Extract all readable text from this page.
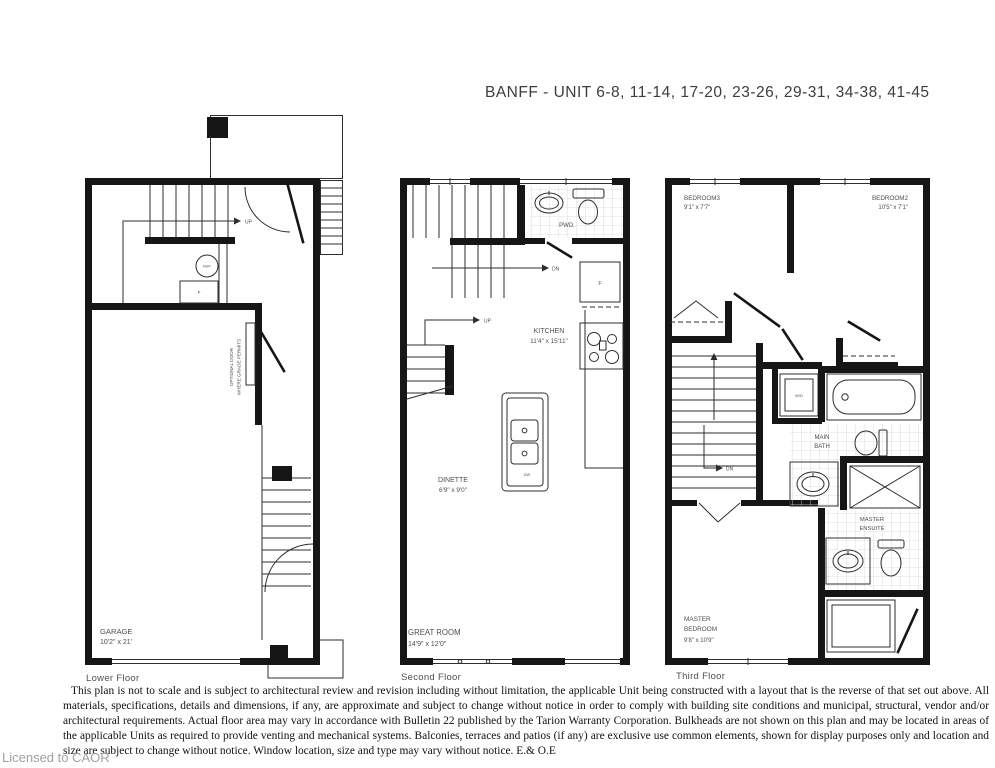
BANFF - UNIT 6-8, 11-14, 17-20, 23-26, 29-31, 34-38, 41-45
UP
HWT
F
OPTIONAL DOOR WHERE GRADE PERMITS
GARAGE
10'2" x 21'
PWD.
DN
UP
F
KITCHEN
11'4" x 15'11"
DW
DINETTE
6'9" x 9'0"
GREAT ROOM
14'9" x 12'0"
BEDROOM3
9'1" x 7'7"
BEDROOM2
10'5" x 7'1"
DN
W/D
MAIN
BATH
MASTER
ENSUITE
MASTER
BEDROOM
9'8" x 10'9"
Lower Floor	Second Floor	Third Floor
This plan is not to scale and is subject to architectural review and revision including without limitation, the applicable Unit being constructed with a layout that is the reverse of that set out above. All materials, specifications, details and dimensions, if any, are approximate and subject to change without notice in order to comply with building site conditions and municipal, structural, vendor and/or architectural requirements. Actual floor area may vary in accordance with Bulletin 22 published by the Tarion Warranty Corporation. Bulkheads are not shown on this plan and may be located in areas of the applicable Units as required to provide venting and mechanical systems. Balconies, terraces and patios (if any) are exclusive use common elements, shown for display purposes only and location and size are subject to change without notice. Window location, size and type may vary without notice. E.& O.E
Licensed to CAOR
